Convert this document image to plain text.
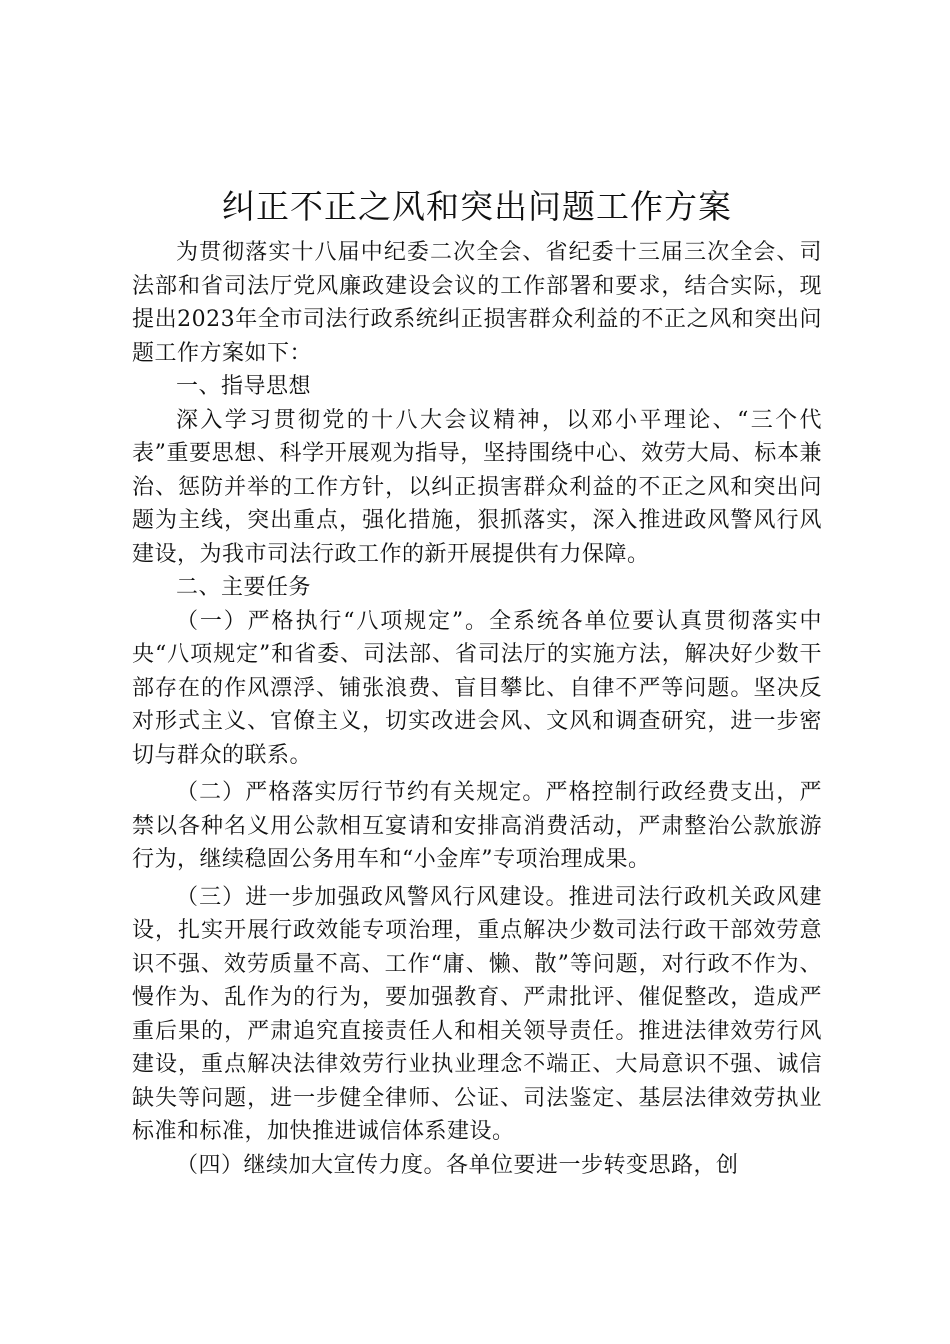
纠正不正之风和突出问题工作方案

为贯彻落实十八届中纪委二次全会、省纪委十三届三次全会、司法部和省司法厅党风廉政建设会议的工作部署和要求，结合实际，现提出2023年全市司法行政系统纠正损害群众利益的不正之风和突出问题工作方案如下：

一、指导思想

深入学习贯彻党的十八大会议精神，以邓小平理论、“三个代表”重要思想、科学开展观为指导，坚持围绕中心、效劳大局、标本兼治、惩防并举的工作方针，以纠正损害群众利益的不正之风和突出问题为主线，突出重点，强化措施，狠抓落实，深入推进政风警风行风建设，为我市司法行政工作的新开展提供有力保障。

二、主要任务

（一）严格执行“八项规定”。全系统各单位要认真贯彻落实中央“八项规定”和省委、司法部、省司法厅的实施方法，解决好少数干部存在的作风漂浮、铺张浪费、盲目攀比、自律不严等问题。坚决反对形式主义、官僚主义，切实改进会风、文风和调查研究，进一步密切与群众的联系。

（二）严格落实厉行节约有关规定。严格控制行政经费支出，严禁以各种名义用公款相互宴请和安排高消费活动，严肃整治公款旅游行为，继续稳固公务用车和“小金库”专项治理成果。

（三）进一步加强政风警风行风建设。推进司法行政机关政风建设，扎实开展行政效能专项治理，重点解决少数司法行政干部效劳意识不强、效劳质量不高、工作“庸、懒、散”等问题，对行政不作为、慢作为、乱作为的行为，要加强教育、严肃批评、催促整改，造成严重后果的，严肃追究直接责任人和相关领导责任。推进法律效劳行风建设，重点解决法律效劳行业执业理念不端正、大局意识不强、诚信缺失等问题，进一步健全律师、公证、司法鉴定、基层法律效劳执业标准和标准，加快推进诚信体系建设。

（四）继续加大宣传力度。各单位要进一步转变思路，创
